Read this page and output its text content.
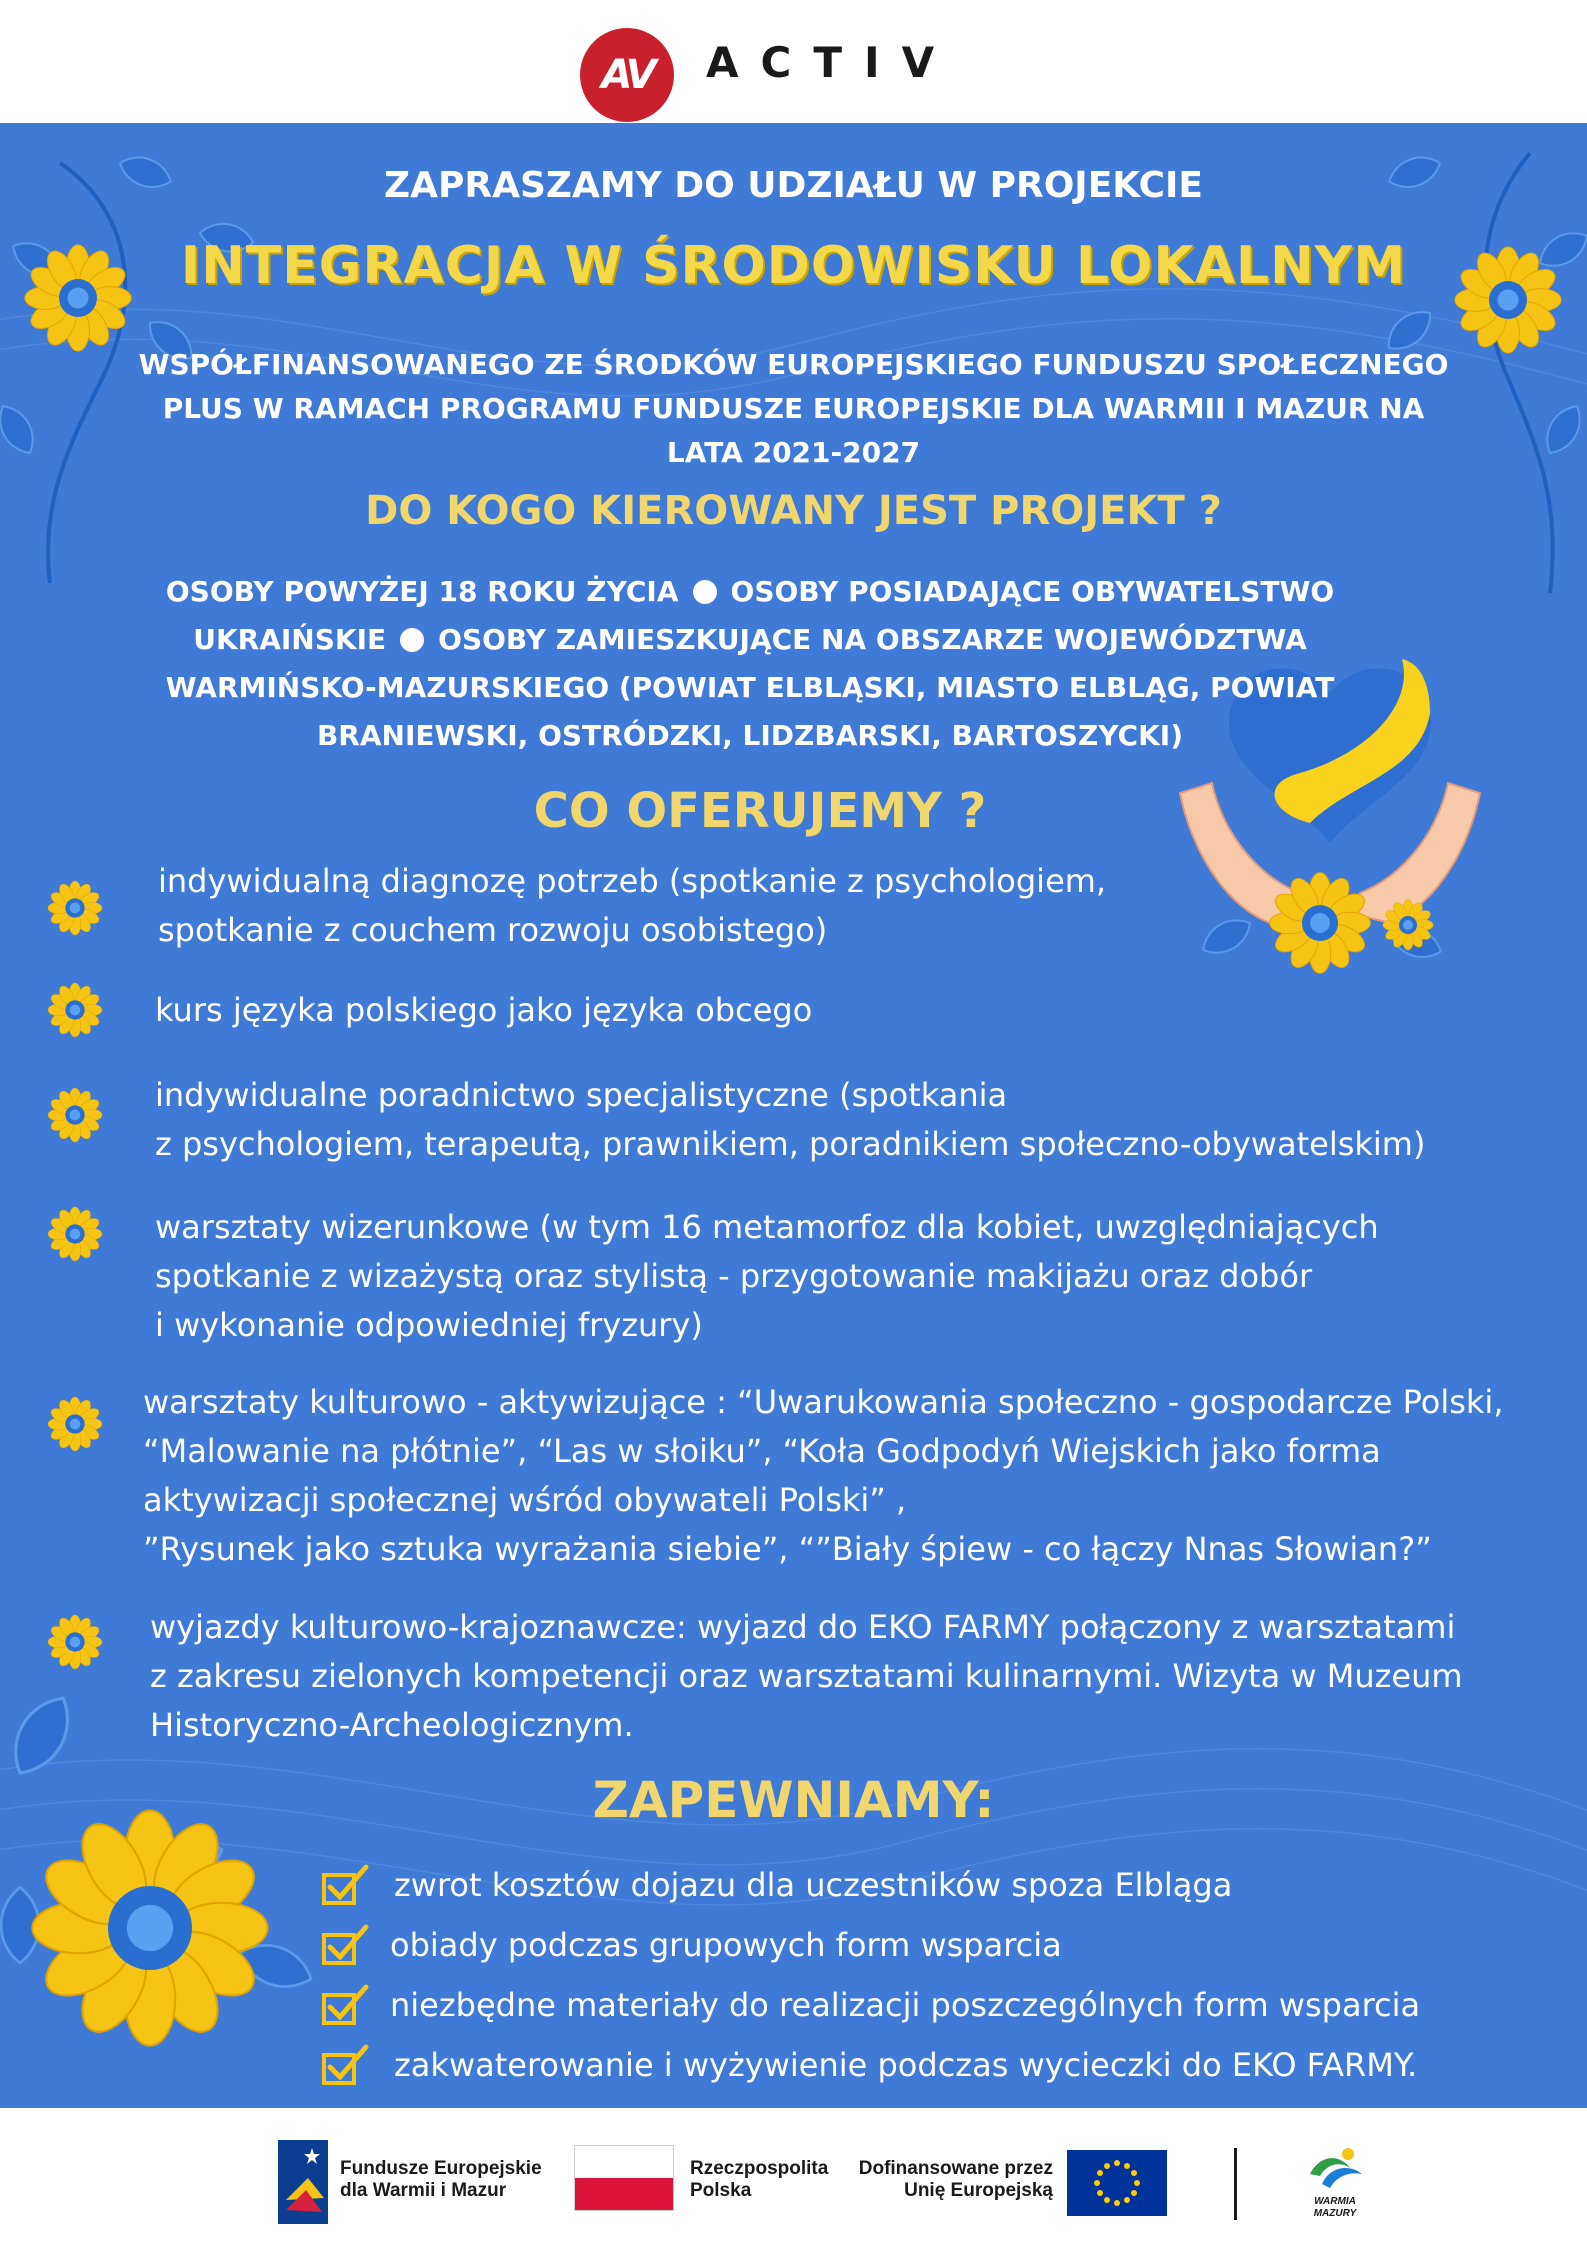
AV	ACTIV
ZAPRASZAMY DO UDZIAŁU W PROJEKCIE
INTEGRACJA W ŚRODOWISKU LOKALNYM
WSPÓŁFINANSOWANEGO ZE ŚRODKÓW EUROPEJSKIEGO FUNDUSZU SPOŁECZNEGO
PLUS W RAMACH PROGRAMU FUNDUSZE EUROPEJSKIE DLA WARMII I MAZUR NA
LATA 2021-2027
DO KOGO KIEROWANY JEST PROJEKT ?
OSOBY POWYŻEJ 18 ROKU ŻYCIA OSOBY POSIADAJĄCE OBYWATELSTWO
UKRAIŃSKIE OSOBY ZAMIESZKUJĄCE NA OBSZARZE WOJEWÓDZTWA
WARMIŃSKO-MAZURSKIEGO (POWIAT ELBLĄSKI, MIASTO ELBLĄG, POWIAT
BRANIEWSKI, OSTRÓDZKI, LIDZBARSKI, BARTOSZYCKI)
CO OFERUJEMY ?
indywidualną diagnozę potrzeb (spotkanie z psychologiem,
spotkanie z couchem rozwoju osobistego)
kurs języka polskiego jako języka obcego
indywidualne poradnictwo specjalistyczne (spotkania
z psychologiem, terapeutą, prawnikiem, poradnikiem społeczno-obywatelskim)
warsztaty wizerunkowe (w tym 16 metamorfoz dla kobiet, uwzględniających
spotkanie z wizażystą oraz stylistą - przygotowanie makijażu oraz dobór
i wykonanie odpowiedniej fryzury)
warsztaty kulturowo - aktywizujące : “Uwarukowania społeczno - gospodarcze Polski,
“Malowanie na płótnie”, “Las w słoiku”, “Koła Godpodyń Wiejskich jako forma
aktywizacji społecznej wśród obywateli Polski” ,
”Rysunek jako sztuka wyrażania siebie”, “”Biały śpiew - co łączy Nnas Słowian?”
wyjazdy kulturowo-krajoznawcze: wyjazd do EKO FARMY połączony z warsztatami
z zakresu zielonych kompetencji oraz warsztatami kulinarnymi. Wizyta w Muzeum
Historyczno-Archeologicznym.
ZAPEWNIAMY:
zwrot kosztów dojazu dla uczestników spoza Elbląga
obiady podczas grupowych form wsparcia
niezbędne materiały do realizacji poszczególnych form wsparcia
zakwaterowanie i wyżywienie podczas wycieczki do EKO FARMY.
Fundusze Europejskie
dla Warmii i Mazur
Rzeczpospolita
Polska
Dofinansowane przez
Unię Europejską
WARMIA
MAZURY
